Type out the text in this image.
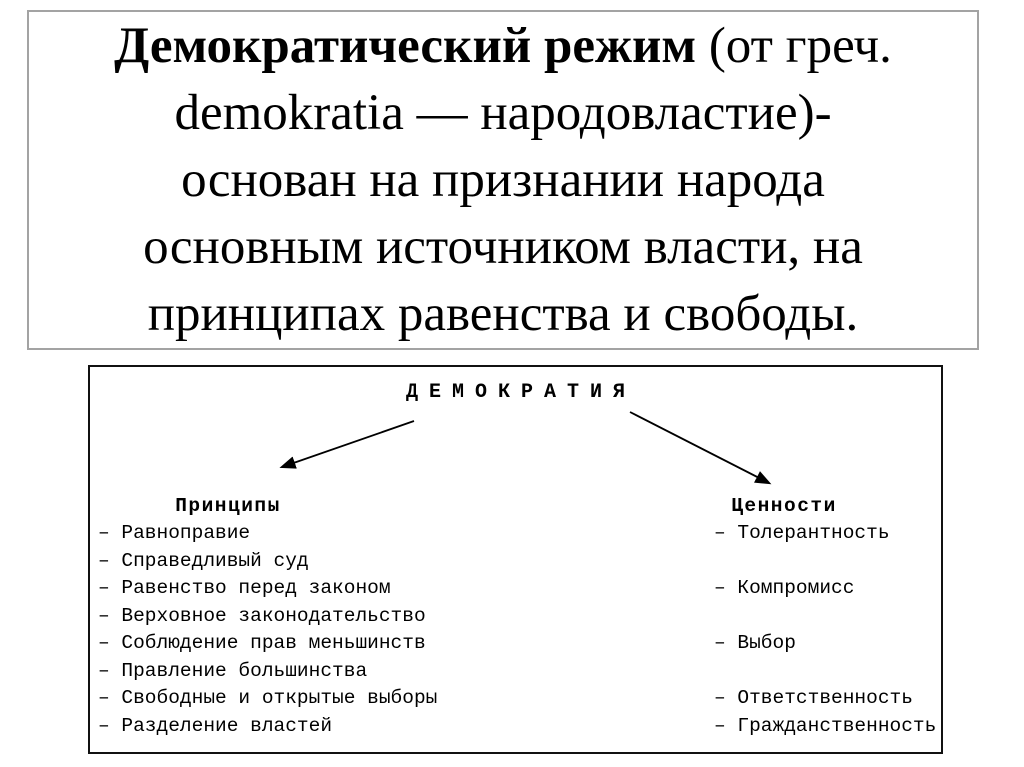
Демократический режим (от греч.
demokratia — народовластие)-
основан на признании народа
основным источником власти, на
принципах равенства и свободы.
ДЕМОКРАТИЯ
Принципы
– Равноправие
– Справедливый суд
– Равенство перед законом
– Верховное законодательство
– Соблюдение прав меньшинств
– Правление большинства
– Свободные и открытые выборы
– Разделение властей
Ценности
– Толерантность
– Компромисс
– Выбор
– Ответственность
– Гражданственность
